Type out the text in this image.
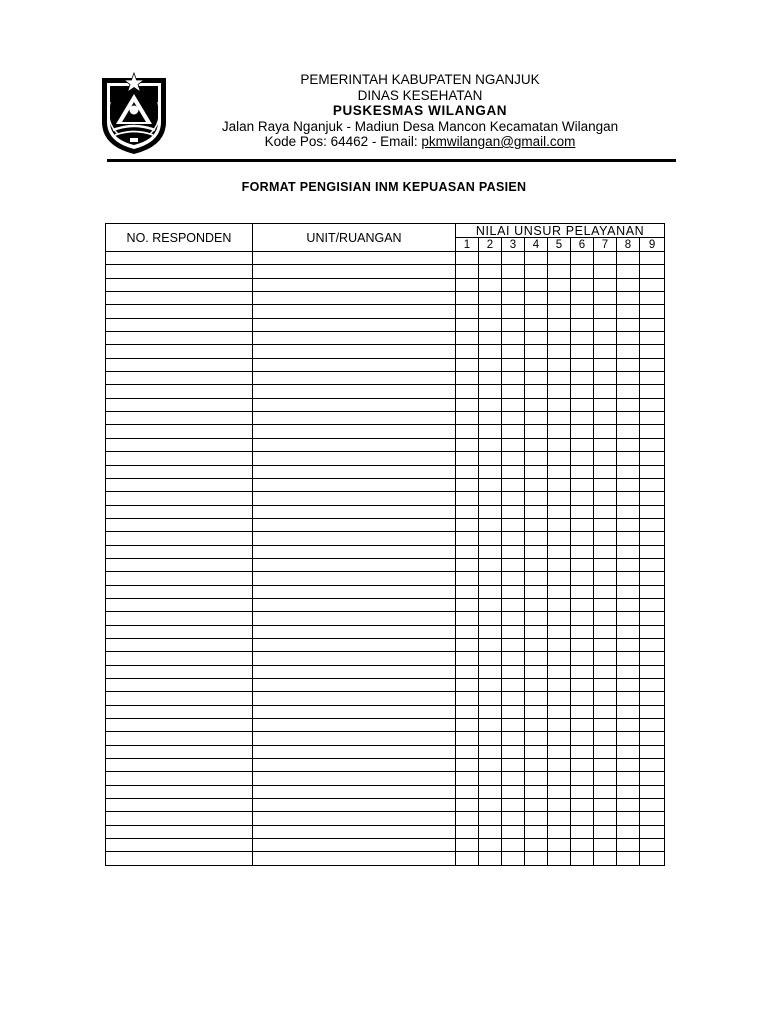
PEMERINTAH KABUPATEN NGANJUK
DINAS KESEHATAN
PUSKESMAS WILANGAN
Jalan Raya Nganjuk - Madiun Desa Mancon Kecamatan Wilangan
Kode Pos: 64462 - Email: pkmwilangan@gmail.com
FORMAT PENGISIAN INM KEPUASAN PASIEN
NO. RESPONDEN	UNIT/RUANGAN	NILAI UNSUR PELAYANAN								
		1	2	3	4	5	6	7	8	9
